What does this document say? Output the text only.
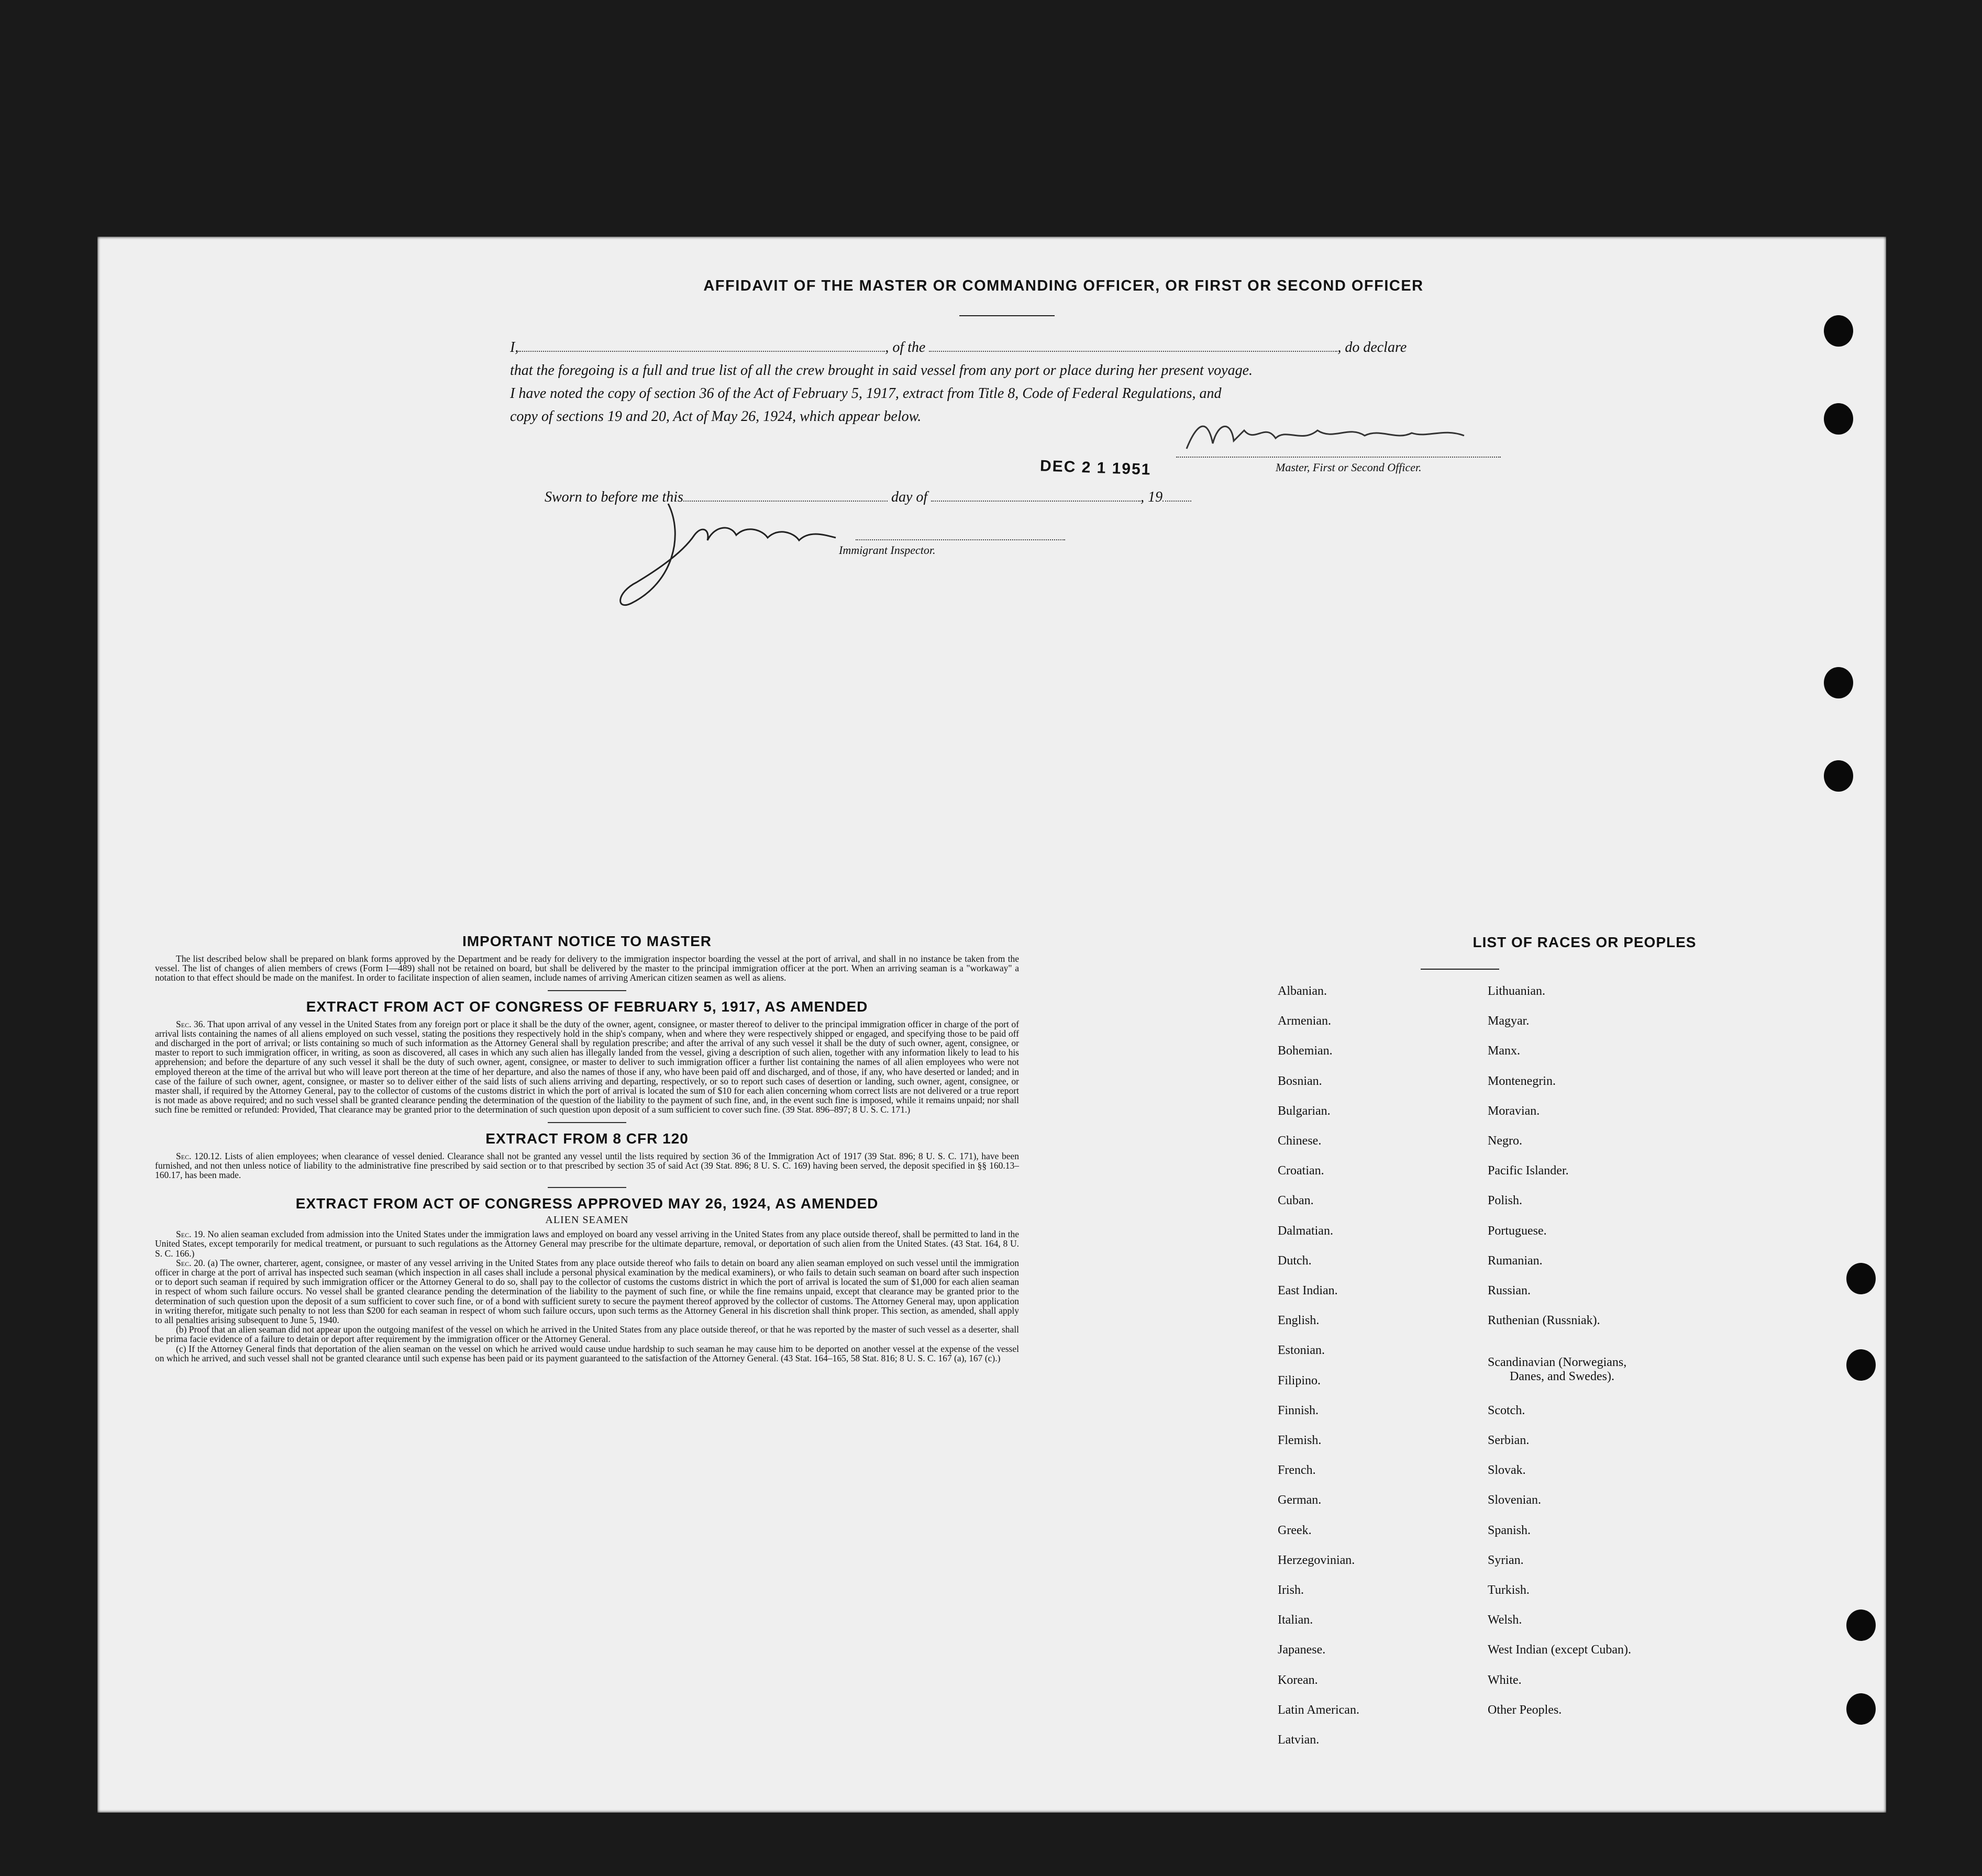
AFFIDAVIT OF THE MASTER OR COMMANDING OFFICER, OR FIRST OR SECOND OFFICER

I,	, of the	, do declare

that the foregoing is a full and true list of all the crew brought in said vessel from any port or place during her present voyage.

I have noted the copy of section 36 of the Act of February 5, 1917, extract from Title 8, Code of Federal Regulations, and

copy of sections 19 and 20, Act of May 26, 1924, which appear below.

Master, First or Second Officer.
DEC 2 1 1951

Sworn to before me this	day of	, 19

Immigrant Inspector.
IMPORTANT NOTICE TO MASTER

The list described below shall be prepared on blank forms approved by the Department and be ready for delivery to the immigration inspector boarding the vessel at the port of arrival, and shall in no instance be taken from the vessel. The list of changes of alien members of crews (Form I—489) shall not be retained on board, but shall be delivered by the master to the principal immigration officer at the port. When an arriving seaman is a "workaway" a notation to that effect should be made on the manifest. In order to facilitate inspection of alien seamen, include names of arriving American citizen seamen as well as aliens.

EXTRACT FROM ACT OF CONGRESS OF FEBRUARY 5, 1917, AS AMENDED

Sec. 36. That upon arrival of any vessel in the United States from any foreign port or place it shall be the duty of the owner, agent, consignee, or master thereof to deliver to the principal immigration officer in charge of the port of arrival lists containing the names of all aliens employed on such vessel, stating the positions they respectively hold in the ship's company, when and where they were respectively shipped or engaged, and specifying those to be paid off and discharged in the port of arrival; or lists containing so much of such information as the Attorney General shall by regulation prescribe; and after the arrival of any such vessel it shall be the duty of such owner, agent, consignee, or master to report to such immigration officer, in writing, as soon as discovered, all cases in which any such alien has illegally landed from the vessel, giving a description of such alien, together with any information likely to lead to his apprehension; and before the departure of any such vessel it shall be the duty of such owner, agent, consignee, or master to deliver to such immigration officer a further list containing the names of all alien employees who were not employed thereon at the time of the arrival but who will leave port thereon at the time of her departure, and also the names of those if any, who have been paid off and discharged, and of those, if any, who have deserted or landed; and in case of the failure of such owner, agent, consignee, or master so to deliver either of the said lists of such aliens arriving and departing, respectively, or so to report such cases of desertion or landing, such owner, agent, consignee, or master shall, if required by the Attorney General, pay to the collector of customs of the customs district in which the port of arrival is located the sum of $10 for each alien concerning whom correct lists are not delivered or a true report is not made as above required; and no such vessel shall be granted clearance pending the determination of the question of the liability to the payment of such fine, and, in the event such fine is imposed, while it remains unpaid; nor shall such fine be remitted or refunded: Provided, That clearance may be granted prior to the determination of such question upon deposit of a sum sufficient to cover such fine. (39 Stat. 896–897; 8 U. S. C. 171.)

EXTRACT FROM 8 CFR 120

Sec. 120.12. Lists of alien employees; when clearance of vessel denied. Clearance shall not be granted any vessel until the lists required by section 36 of the Immigration Act of 1917 (39 Stat. 896; 8 U. S. C. 171), have been furnished, and not then unless notice of liability to the administrative fine prescribed by said section or to that prescribed by section 35 of said Act (39 Stat. 896; 8 U. S. C. 169) having been served, the deposit specified in §§ 160.13–160.17, has been made.

EXTRACT FROM ACT OF CONGRESS APPROVED MAY 26, 1924, AS AMENDED
ALIEN SEAMEN

Sec. 19. No alien seaman excluded from admission into the United States under the immigration laws and employed on board any vessel arriving in the United States from any place outside thereof, shall be permitted to land in the United States, except temporarily for medical treatment, or pursuant to such regulations as the Attorney General may prescribe for the ultimate departure, removal, or deportation of such alien from the United States. (43 Stat. 164, 8 U. S. C. 166.)

Sec. 20. (a) The owner, charterer, agent, consignee, or master of any vessel arriving in the United States from any place outside thereof who fails to detain on board any alien seaman employed on such vessel until the immigration officer in charge at the port of arrival has inspected such seaman (which inspection in all cases shall include a personal physical examination by the medical examiners), or who fails to detain such seaman on board after such inspection or to deport such seaman if required by such immigration officer or the Attorney General to do so, shall pay to the collector of customs the customs district in which the port of arrival is located the sum of $1,000 for each alien seaman in respect of whom such failure occurs. No vessel shall be granted clearance pending the determination of the liability to the payment of such fine, or while the fine remains unpaid, except that clearance may be granted prior to the determination of such question upon the deposit of a sum sufficient to cover such fine, or of a bond with sufficient surety to secure the payment thereof approved by the collector of customs. The Attorney General may, upon application in writing therefor, mitigate such penalty to not less than $200 for each seaman in respect of whom such failure occurs, upon such terms as the Attorney General in his discretion shall think proper. This section, as amended, shall apply to all penalties arising subsequent to June 5, 1940.

(b) Proof that an alien seaman did not appear upon the outgoing manifest of the vessel on which he arrived in the United States from any place outside thereof, or that he was reported by the master of such vessel as a deserter, shall be prima facie evidence of a failure to detain or deport after requirement by the immigration officer or the Attorney General.

(c) If the Attorney General finds that deportation of the alien seaman on the vessel on which he arrived would cause undue hardship to such seaman he may cause him to be deported on another vessel at the expense of the vessel on which he arrived, and such vessel shall not be granted clearance until such expense has been paid or its payment guaranteed to the satisfaction of the Attorney General. (43 Stat. 164–165, 58 Stat. 816; 8 U. S. C. 167 (a), 167 (c).)

LIST OF RACES OR PEOPLES
Albanian.
Armenian.
Bohemian.
Bosnian.
Bulgarian.
Chinese.
Croatian.
Cuban.
Dalmatian.
Dutch.
East Indian.
English.
Estonian.
Filipino.
Finnish.
Flemish.
French.
German.
Greek.
Herzegovinian.
Irish.
Italian.
Japanese.
Korean.
Latin American.
Latvian.
Lithuanian.
Magyar.
Manx.
Montenegrin.
Moravian.
Negro.
Pacific Islander.
Polish.
Portuguese.
Rumanian.
Russian.
Ruthenian (Russniak).
Scandinavian (Norwegians,
Danes, and Swedes).
Scotch.
Serbian.
Slovak.
Slovenian.
Spanish.
Syrian.
Turkish.
Welsh.
West Indian (except Cuban).
White.
Other Peoples.
